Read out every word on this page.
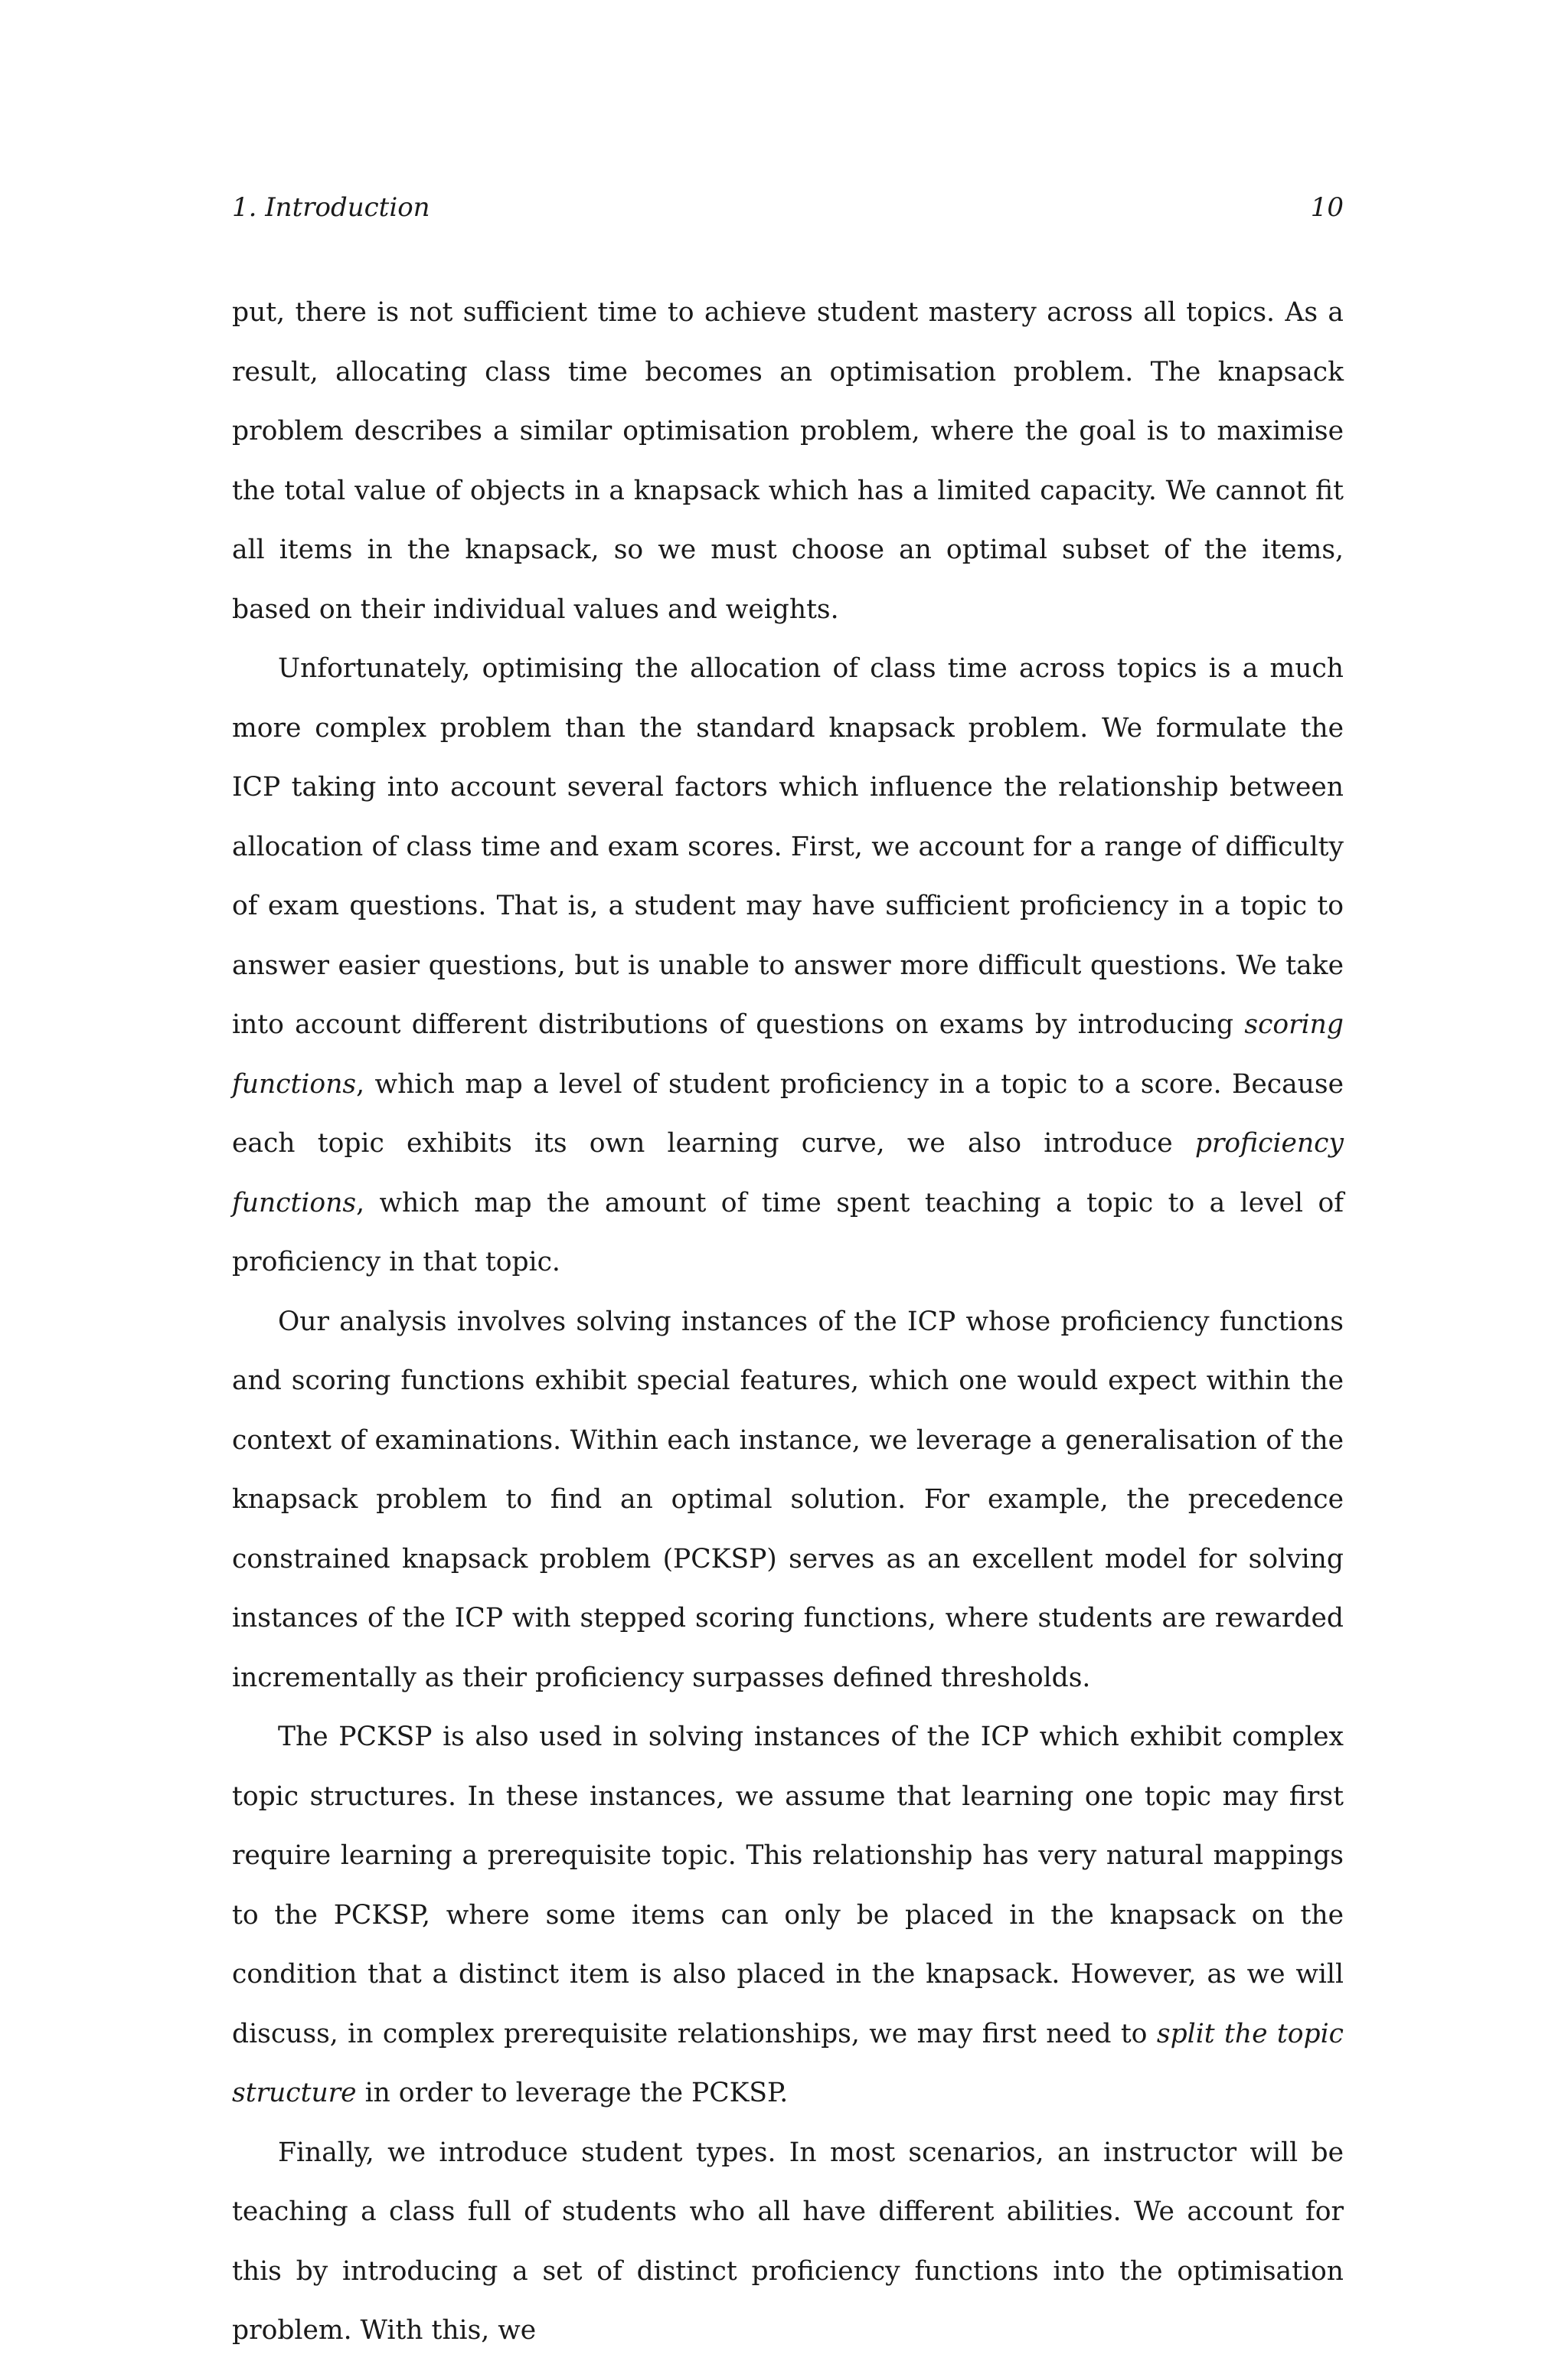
1. Introduction	10

put, there is not sufficient time to achieve student mastery across all topics. As a result, allocating class time becomes an optimisation problem. The knapsack problem describes a similar optimisation problem, where the goal is to maximise the total value of objects in a knapsack which has a limited capacity. We cannot fit all items in the knapsack, so we must choose an optimal subset of the items, based on their individual values and weights.

Unfortunately, optimising the allocation of class time across topics is a much more complex problem than the standard knapsack problem. We formulate the ICP taking into account several factors which influence the relationship between allocation of class time and exam scores. First, we account for a range of difficulty of exam questions. That is, a student may have sufficient proficiency in a topic to answer easier questions, but is unable to answer more difficult questions. We take into account different distributions of questions on exams by introducing scoring functions, which map a level of student proficiency in a topic to a score. Because each topic exhibits its own learning curve, we also introduce proficiency functions, which map the amount of time spent teaching a topic to a level of proficiency in that topic.

Our analysis involves solving instances of the ICP whose proficiency functions and scoring functions exhibit special features, which one would expect within the context of examinations. Within each instance, we leverage a generalisation of the knapsack problem to find an optimal solution. For example, the precedence constrained knapsack problem (PCKSP) serves as an excellent model for solving instances of the ICP with stepped scoring functions, where students are rewarded incrementally as their proficiency surpasses defined thresholds.

The PCKSP is also used in solving instances of the ICP which exhibit complex topic structures. In these instances, we assume that learning one topic may first require learning a prerequisite topic. This relationship has very natural mappings to the PCKSP, where some items can only be placed in the knapsack on the condition that a distinct item is also placed in the knapsack. However, as we will discuss, in complex prerequisite relationships, we may first need to split the topic structure in order to leverage the PCKSP.

Finally, we introduce student types. In most scenarios, an instructor will be teaching a class full of students who all have different abilities. We account for this by introducing a set of distinct proficiency functions into the optimisation problem. With this, we
